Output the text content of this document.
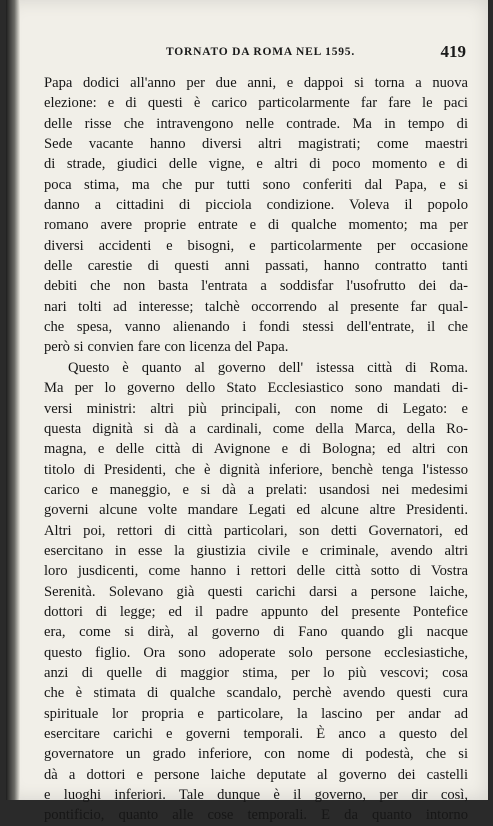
TORNATO DA ROMA NEL 1595.	419
Papa dodici all'anno per due anni, e dappoi si torna a nuova
elezione: e di questi è carico particolarmente far fare le paci
delle risse che intravengono nelle contrade. Ma in tempo di
Sede vacante hanno diversi altri magistrati; come maestri
di strade, giudici delle vigne, e altri di poco momento e di
poca stima, ma che pur tutti sono conferiti dal Papa, e si
danno a cittadini di picciola condizione. Voleva il popolo
romano avere proprie entrate e di qualche momento; ma per
diversi accidenti e bisogni, e particolarmente per occasione
delle carestie di questi anni passati, hanno contratto tanti
debiti che non basta l'entrata a soddisfar l'usofrutto dei da-
nari tolti ad interesse; talchè occorrendo al presente far qual-
che spesa, vanno alienando i fondi stessi dell'entrate, il che
però si convien fare con licenza del Papa.
Questo è quanto al governo dell' istessa città di Roma.
Ma per lo governo dello Stato Ecclesiastico sono mandati di-
versi ministri: altri più principali, con nome di Legato: e
questa dignità si dà a cardinali, come della Marca, della Ro-
magna, e delle città di Avignone e di Bologna; ed altri con
titolo di Presidenti, che è dignità inferiore, benchè tenga l'istesso
carico e maneggio, e si dà a prelati: usandosi nei medesimi
governi alcune volte mandare Legati ed alcune altre Presidenti.
Altri poi, rettori di città particolari, son detti Governatori, ed
esercitano in esse la giustizia civile e criminale, avendo altri
loro jusdicenti, come hanno i rettori delle città sotto di Vostra
Serenità. Solevano già questi carichi darsi a persone laiche,
dottori di legge; ed il padre appunto del presente Pontefice
era, come si dirà, al governo di Fano quando gli nacque
questo figlio. Ora sono adoperate solo persone ecclesiastiche,
anzi di quelle di maggior stima, per lo più vescovi; cosa
che è stimata di qualche scandalo, perchè avendo questi cura
spirituale lor propria e particolare, la lascino per andar ad
esercitare carichi e governi temporali. È anco a questo del
governatore un grado inferiore, con nome di podestà, che si
dà a dottori e persone laiche deputate al governo dei castelli
e luoghi inferiori. Tale dunque è il governo, per dir così,
pontificio, quanto alle cose temporali. E da quanto intorno
